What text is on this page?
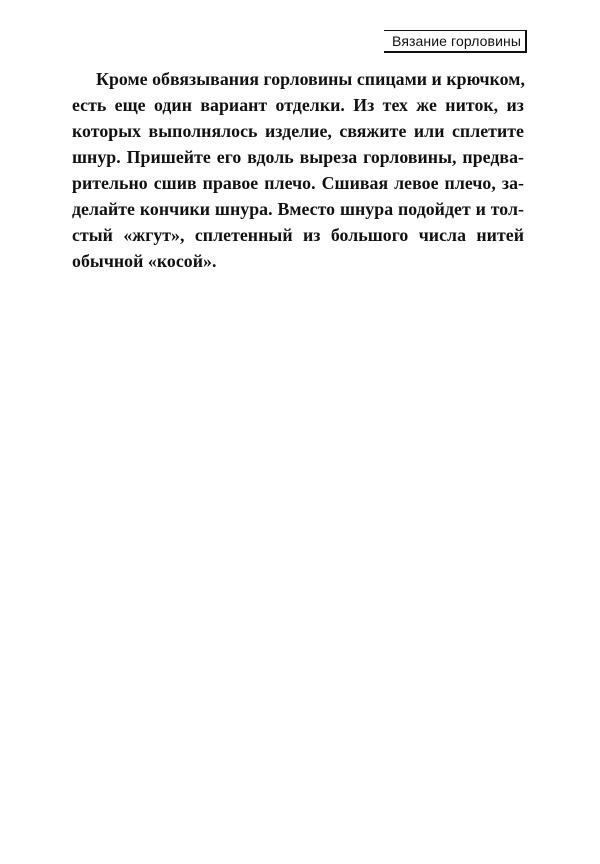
Вязание горловины
Кроме обвязывания горловины спицами и крючком,
есть еще один вариант отделки. Из тех же ниток, из
которых выполнялось изделие, свяжите или сплетите
шнур. Пришейте его вдоль выреза горловины, предва-
рительно сшив правое плечо. Сшивая левое плечо, за-
делайте кончики шнура. Вместо шнура подойдет и тол-
стый «жгут», сплетенный из большого числа нитей
обычной «косой».
